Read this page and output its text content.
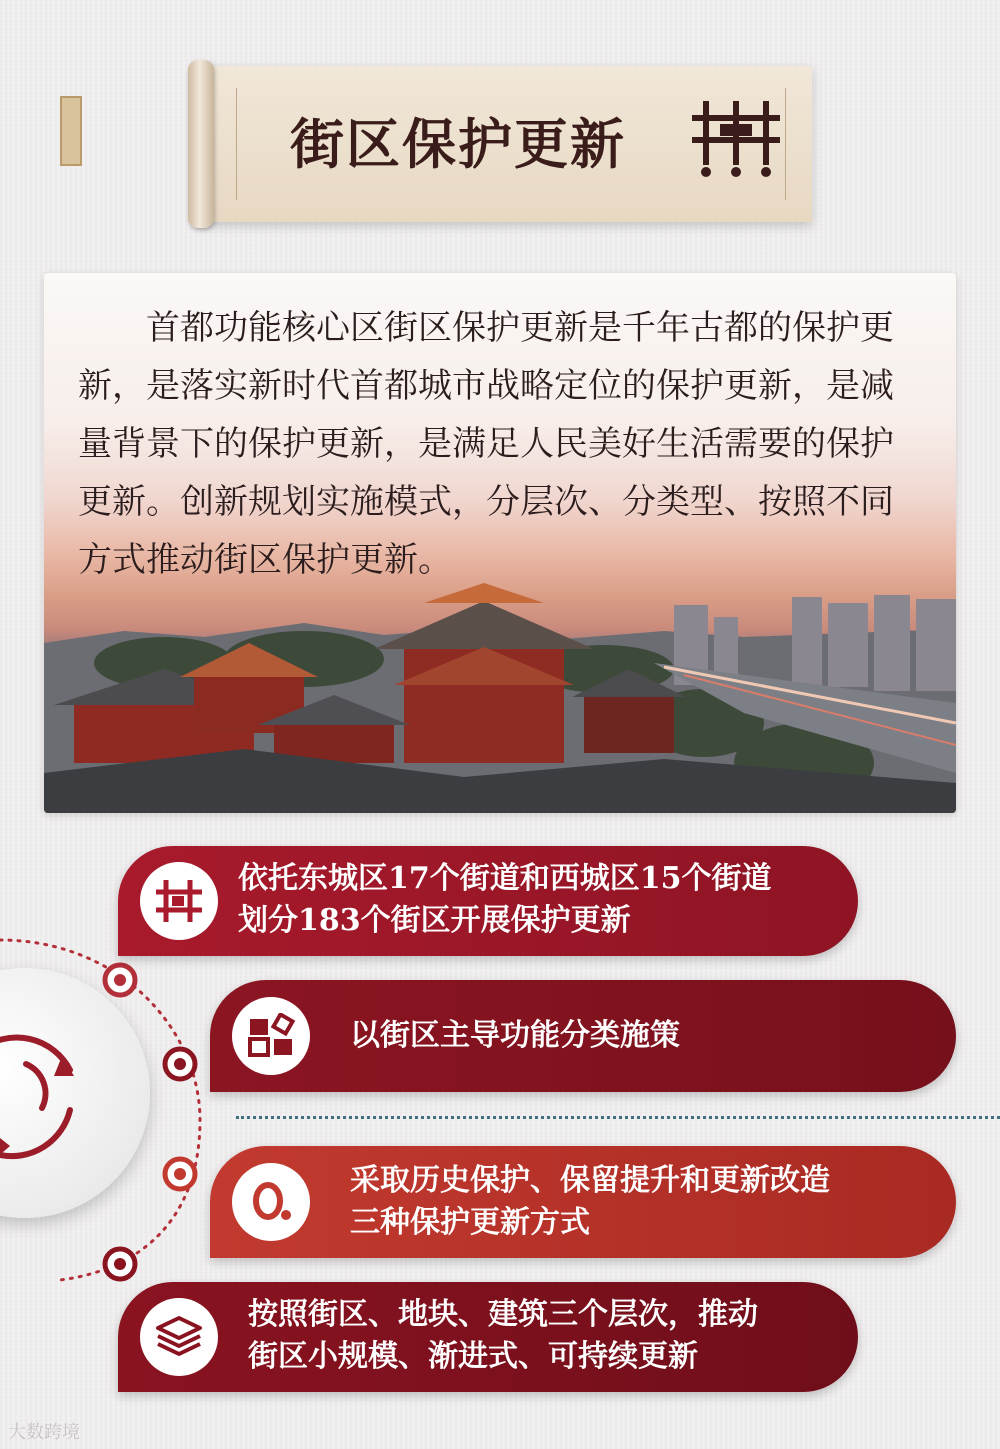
街区保护更新
首都功能核心区街区保护更新是千年古都的保护更新，是落实新时代首都城市战略定位的保护更新，是减量背景下的保护更新，是满足人民美好生活需要的保护更新。创新规划实施模式，分层次、分类型、按照不同方式推动街区保护更新。
依托东城区17个街道和西城区15个街道
划分183个街区开展保护更新
以街区主导功能分类施策
采取历史保护、保留提升和更新改造
三种保护更新方式
按照街区、地块、建筑三个层次，推动
街区小规模、渐进式、可持续更新
大数跨境
